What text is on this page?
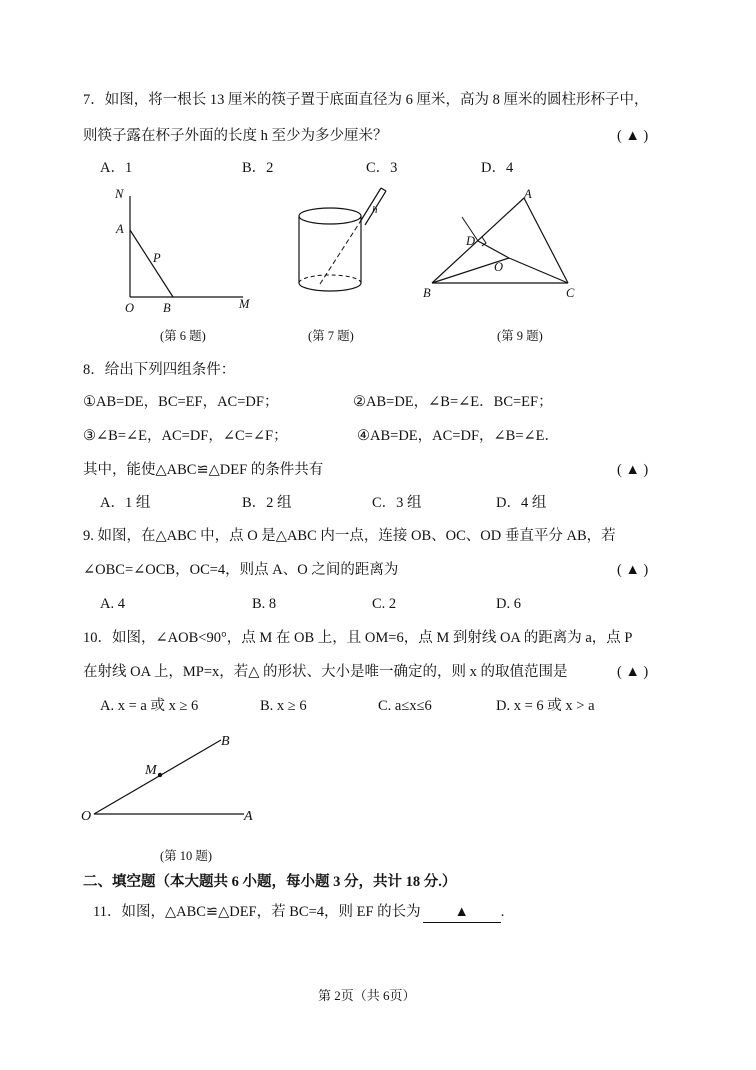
7．如图，将一根长 13 厘米的筷子置于底面直径为 6 厘米，高为 8 厘米的圆柱形杯子中，
则筷子露在杯子外面的长度 h 至少为多少厘米？	( ▲ )
A．1	B．2	C．3	D．4
N
A
P
O B	M
(第 6 题)
h
(第 7 题)
A
D
O
B	C
(第 9 题)
8．给出下列四组条件：
①AB=DE，BC=EF，AC=DF；	②AB=DE，∠B=∠E．BC=EF；
③∠B=∠E，AC=DF，∠C=∠F；	④AB=DE，AC=DF，∠B=∠E．
其中，能使△ABC≌△DEF 的条件共有	( ▲ )
A．1 组	B．2 组	C．3 组	D．4 组
9. 如图，在△ABC 中，点 O 是△ABC 内一点，连接 OB、OC、OD 垂直平分 AB，若
∠OBC=∠OCB，OC=4，则点 A、O 之间的距离为	( ▲ )
A. 4	B. 8	C. 2	D. 6
10．如图，∠AOB<90°，点 M 在 OB 上，且 OM=6，点 M 到射线 OA 的距离为 a，点 P
在射线 OA 上，MP=x，若△ 的形状、大小是唯一确定的，则 x 的取值范围是	( ▲ )
A. x = a 或 x ≥ 6	B. x ≥ 6	C. a≤x≤6	D. x = 6 或 x > a
B
M
O	A
(第 10 题)
二、填空题（本大题共 6 小题，每小题 3 分，共计 18 分.）
11．如图，△ABC≌△DEF，若 BC=4，则 EF 的长为 ▲ .
第 2页（共 6页）
